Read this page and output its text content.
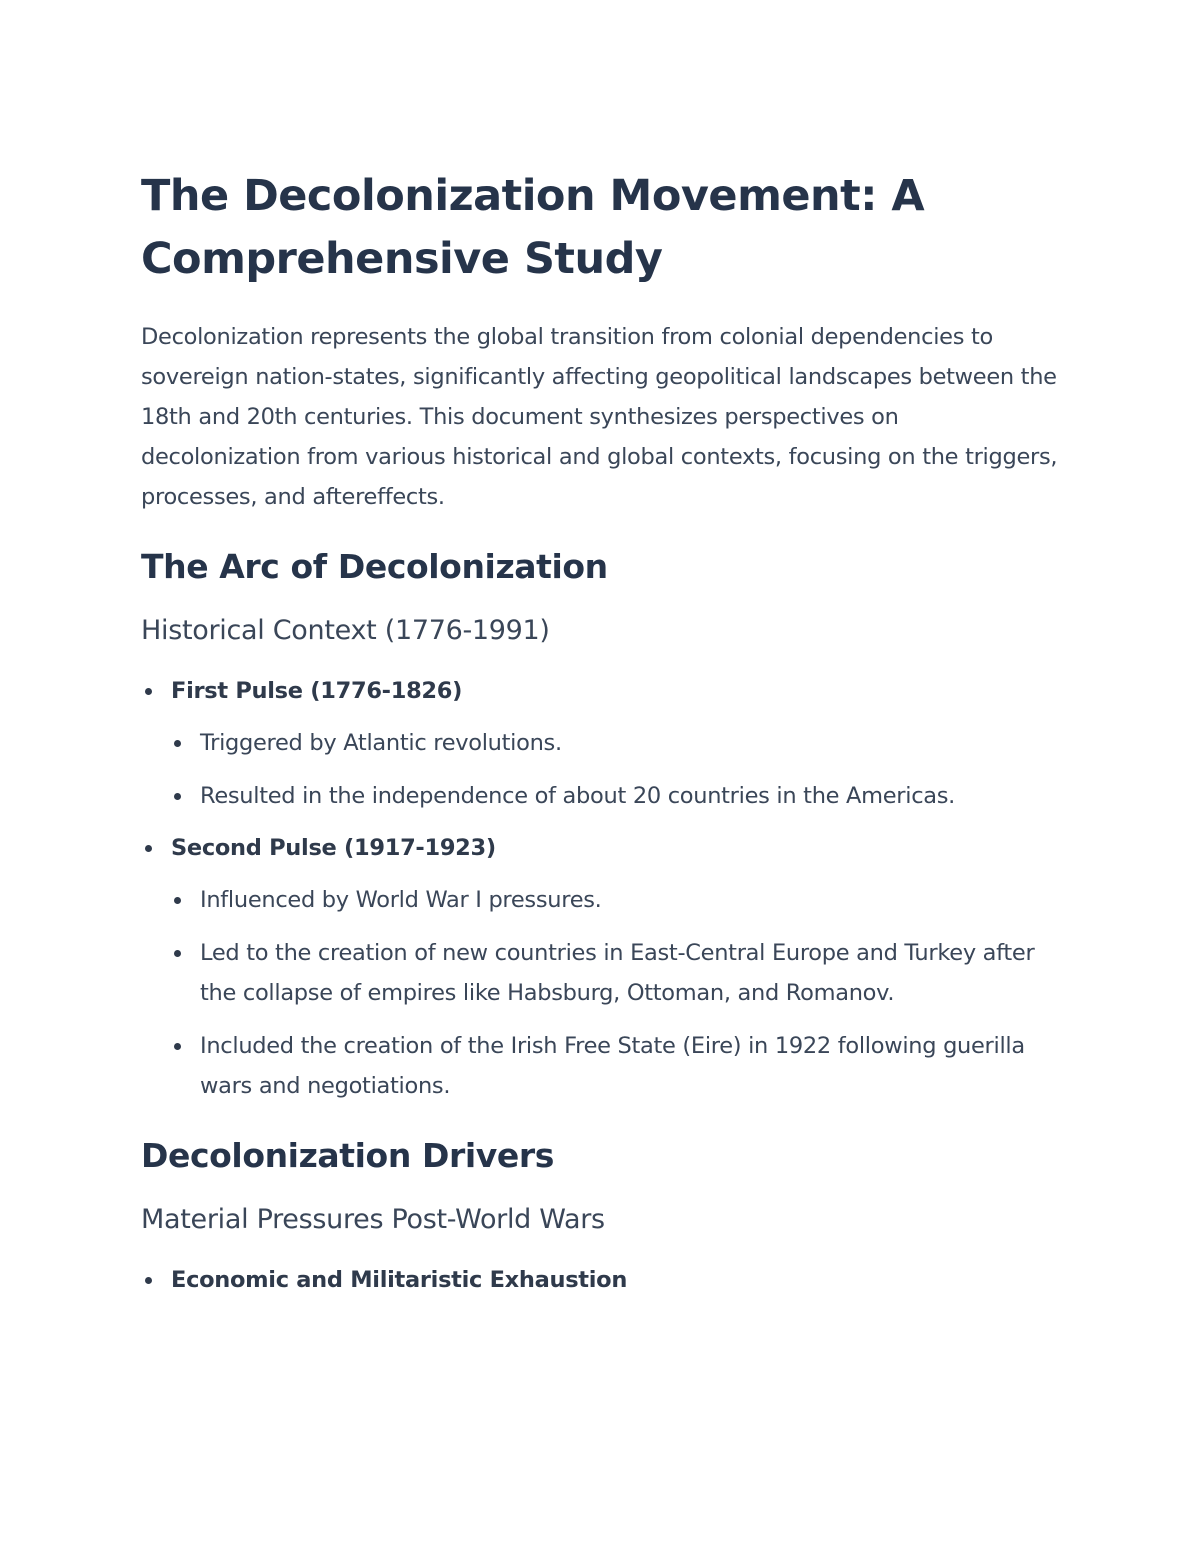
The Decolonization Movement: A Comprehensive Study

Decolonization represents the global transition from colonial dependencies to sovereign nation-states, significantly affecting geopolitical landscapes between the 18th and 20th centuries. This document synthesizes perspectives on decolonization from various historical and global contexts, focusing on the triggers, processes, and aftereffects.

The Arc of Decolonization
Historical Context (1776-1991)
First Pulse (1776-1826)
Triggered by Atlantic revolutions.
Resulted in the independence of about 20 countries in the Americas.
Second Pulse (1917-1923)
Influenced by World War I pressures.
Led to the creation of new countries in East-Central Europe and Turkey after the collapse of empires like Habsburg, Ottoman, and Romanov.
Included the creation of the Irish Free State (Eire) in 1922 following guerilla wars and negotiations.
Decolonization Drivers
Material Pressures Post-World Wars
Economic and Militaristic Exhaustion
